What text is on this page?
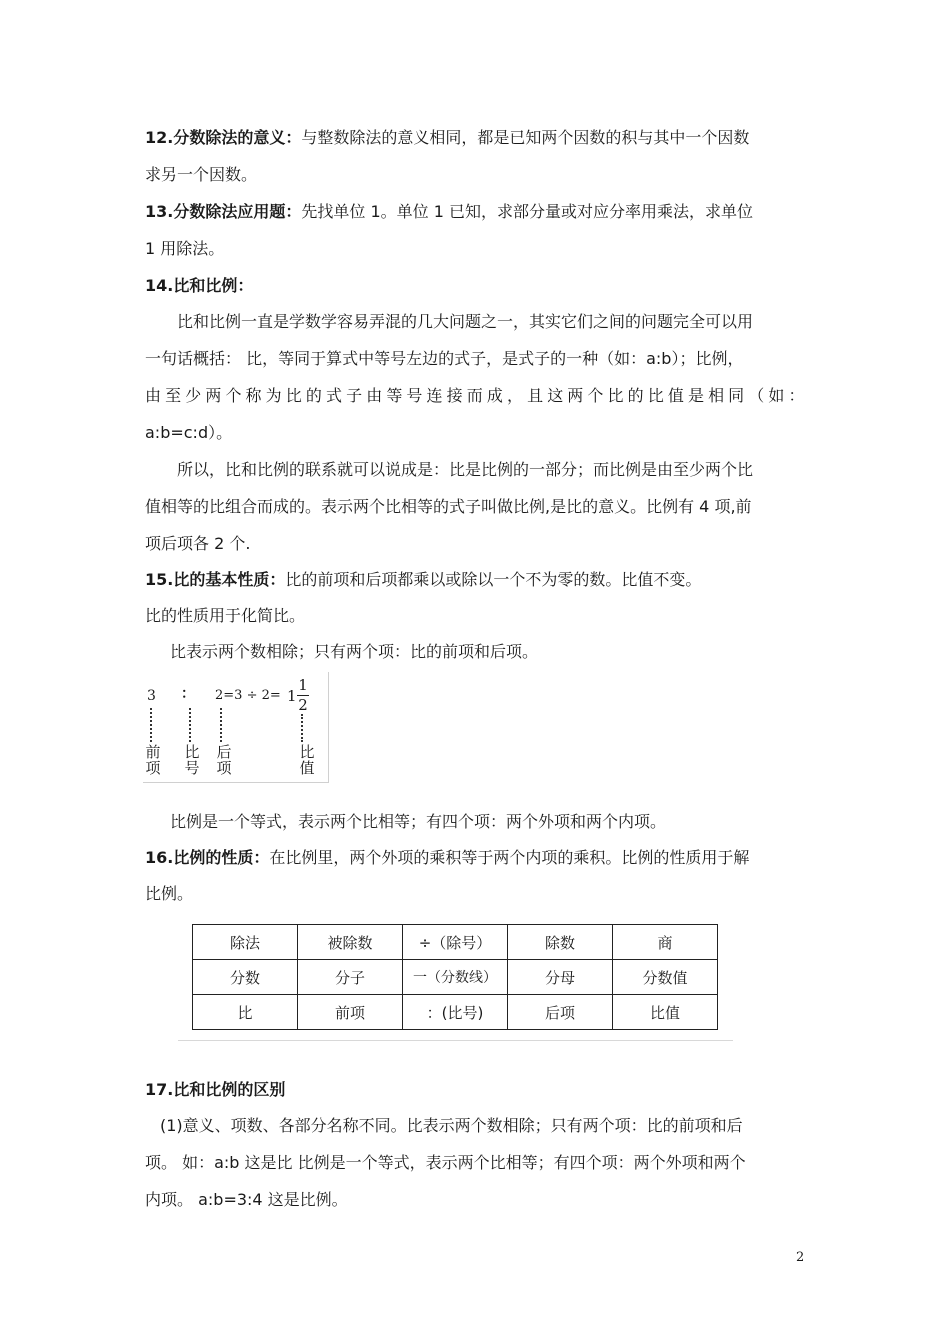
12.分数除法的意义：与整数除法的意义相同，都是已知两个因数的积与其中一个因数
求另一个因数。
13.分数除法应用题：先找单位 1。单位 1 已知，求部分量或对应分率用乘法，求单位
1 用除法。
14.比和比例：
比和比例一直是学数学容易弄混的几大问题之一，其实它们之间的问题完全可以用
一句话概括： 比，等同于算式中等号左边的式子，是式子的一种（如：a:b）；比例，
由 至 少 两 个 称 为 比 的 式 子 由 等 号 连 接 而 成 ， 且 这 两 个 比 的 比 值 是 相 同 （ 如 ：
a:b=c:d）。
所以，比和比例的联系就可以说成是：比是比例的一部分；而比例是由至少两个比
值相等的比组合而成的。表示两个比相等的式子叫做比例,是比的意义。比例有 4 项,前
项后项各 2 个.
15.比的基本性质：比的前项和后项都乘以或除以一个不为零的数。比值不变。
比的性质用于化简比。
比表示两个数相除；只有两个项：比的前项和后项。
3 ： 2=3 ÷ 2= 1
1
2
前
项
比
号
后
项
比
值
比例是一个等式，表示两个比相等；有四个项：两个外项和两个内项。
16.比例的性质：在比例里，两个外项的乘积等于两个内项的乘积。比例的性质用于解
比例。
除法	被除数	÷（除号）	除数	商
分数	分子	一（分数线）	分母	分数值
比	前项	：(比号)	后项	比值
17.比和比例的区别
(1)意义、项数、各部分名称不同。比表示两个数相除；只有两个项：比的前项和后
项。 如：a:b 这是比 比例是一个等式，表示两个比相等；有四个项：两个外项和两个
内项。 a:b=3:4 这是比例。
2
